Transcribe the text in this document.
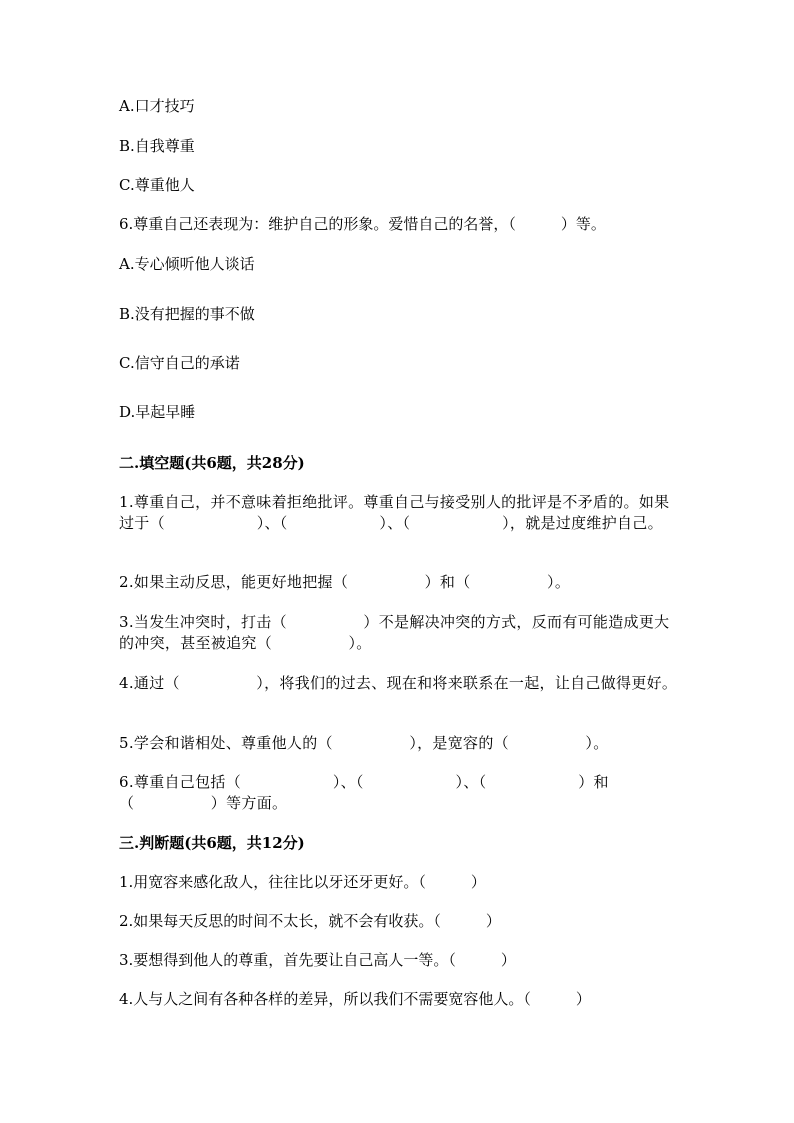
A.口才技巧
B.自我尊重
C.尊重他人
6.尊重自己还表现为：维护自己的形象。爱惜自己的名誉，（　　　）等。
A.专心倾听他人谈话
B.没有把握的事不做
C.信守自己的承诺
D.早起早睡
二.填空题(共6题，共28分)
1.尊重自己，并不意味着拒绝批评。尊重自己与接受别人的批评是不矛盾的。如果过于（　　　　　　）、（　　　　　　）、（　　　　　　），就是过度维护自己。
2.如果主动反思，能更好地把握（　　　　　）和（　　　　　）。
3.当发生冲突时，打击（　　　　　）不是解决冲突的方式，反而有可能造成更大的冲突，甚至被追究（　　　　　）。
4.通过（　　　　　），将我们的过去、现在和将来联系在一起，让自己做得更好。
5.学会和谐相处、尊重他人的（　　　　　），是宽容的（　　　　　）。
6.尊重自己包括（　　　　　　）、（　　　　　　）、（　　　　　　）和（　　　　　）等方面。
三.判断题(共6题，共12分)
1.用宽容来感化敌人，往往比以牙还牙更好。（　　　）
2.如果每天反思的时间不太长，就不会有收获。（　　　）
3.要想得到他人的尊重，首先要让自己高人一等。（　　　）
4.人与人之间有各种各样的差异，所以我们不需要宽容他人。（　　　）
